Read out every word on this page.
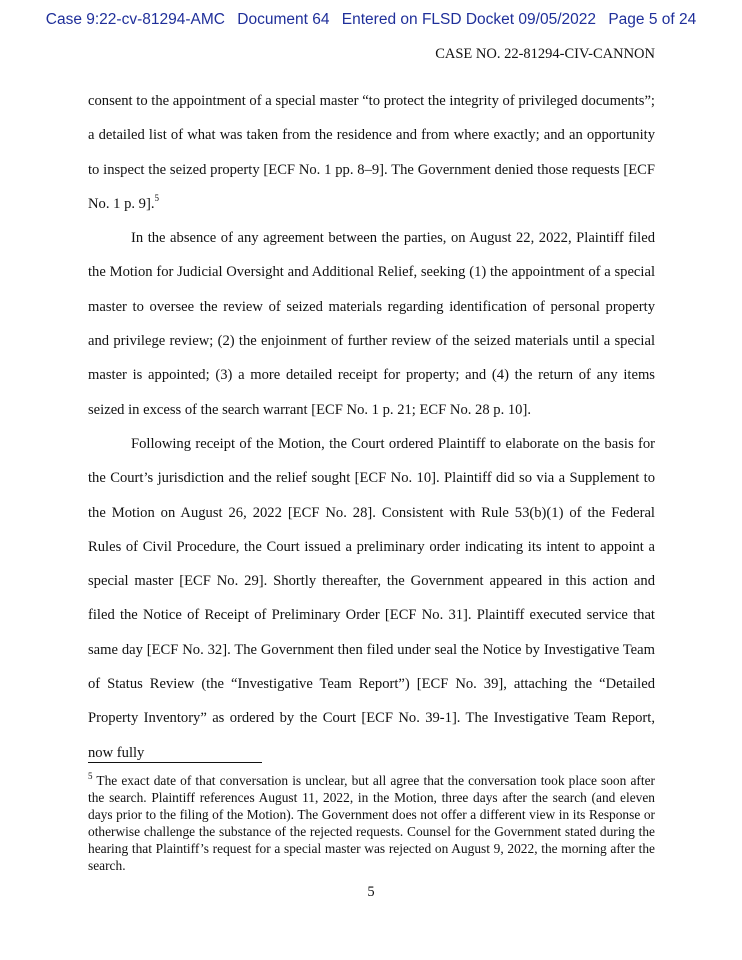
Case 9:22-cv-81294-AMC Document 64 Entered on FLSD Docket 09/05/2022 Page 5 of 24
CASE NO. 22-81294-CIV-CANNON

consent to the appointment of a special master “to protect the integrity of privileged documents”; a detailed list of what was taken from the residence and from where exactly; and an opportunity to inspect the seized property [ECF No. 1 pp. 8–9]. The Government denied those requests [ECF No. 1 p. 9].$^5$

In the absence of any agreement between the parties, on August 22, 2022, Plaintiff filed the Motion for Judicial Oversight and Additional Relief, seeking (1) the appointment of a special master to oversee the review of seized materials regarding identification of personal property and privilege review; (2) the enjoinment of further review of the seized materials until a special master is appointed; (3) a more detailed receipt for property; and (4) the return of any items seized in excess of the search warrant [ECF No. 1 p. 21; ECF No. 28 p. 10].

Following receipt of the Motion, the Court ordered Plaintiff to elaborate on the basis for the Court’s jurisdiction and the relief sought [ECF No. 10]. Plaintiff did so via a Supplement to the Motion on August 26, 2022 [ECF No. 28]. Consistent with Rule 53(b)(1) of the Federal Rules of Civil Procedure, the Court issued a preliminary order indicating its intent to appoint a special master [ECF No. 29]. Shortly thereafter, the Government appeared in this action and filed the Notice of Receipt of Preliminary Order [ECF No. 31]. Plaintiff executed service that same day [ECF No. 32]. The Government then filed under seal the Notice by Investigative Team of Status Review (the “Investigative Team Report”) [ECF No. 39], attaching the “Detailed Property Inventory” as ordered by the Court [ECF No. 39-1]. The Investigative Team Report, now fully

$^5$ The exact date of that conversation is unclear, but all agree that the conversation took place soon after the search. Plaintiff references August 11, 2022, in the Motion, three days after the search (and eleven days prior to the filing of the Motion). The Government does not offer a different view in its Response or otherwise challenge the substance of the rejected requests. Counsel for the Government stated during the hearing that Plaintiff’s request for a special master was rejected on August 9, 2022, the morning after the search.
5
